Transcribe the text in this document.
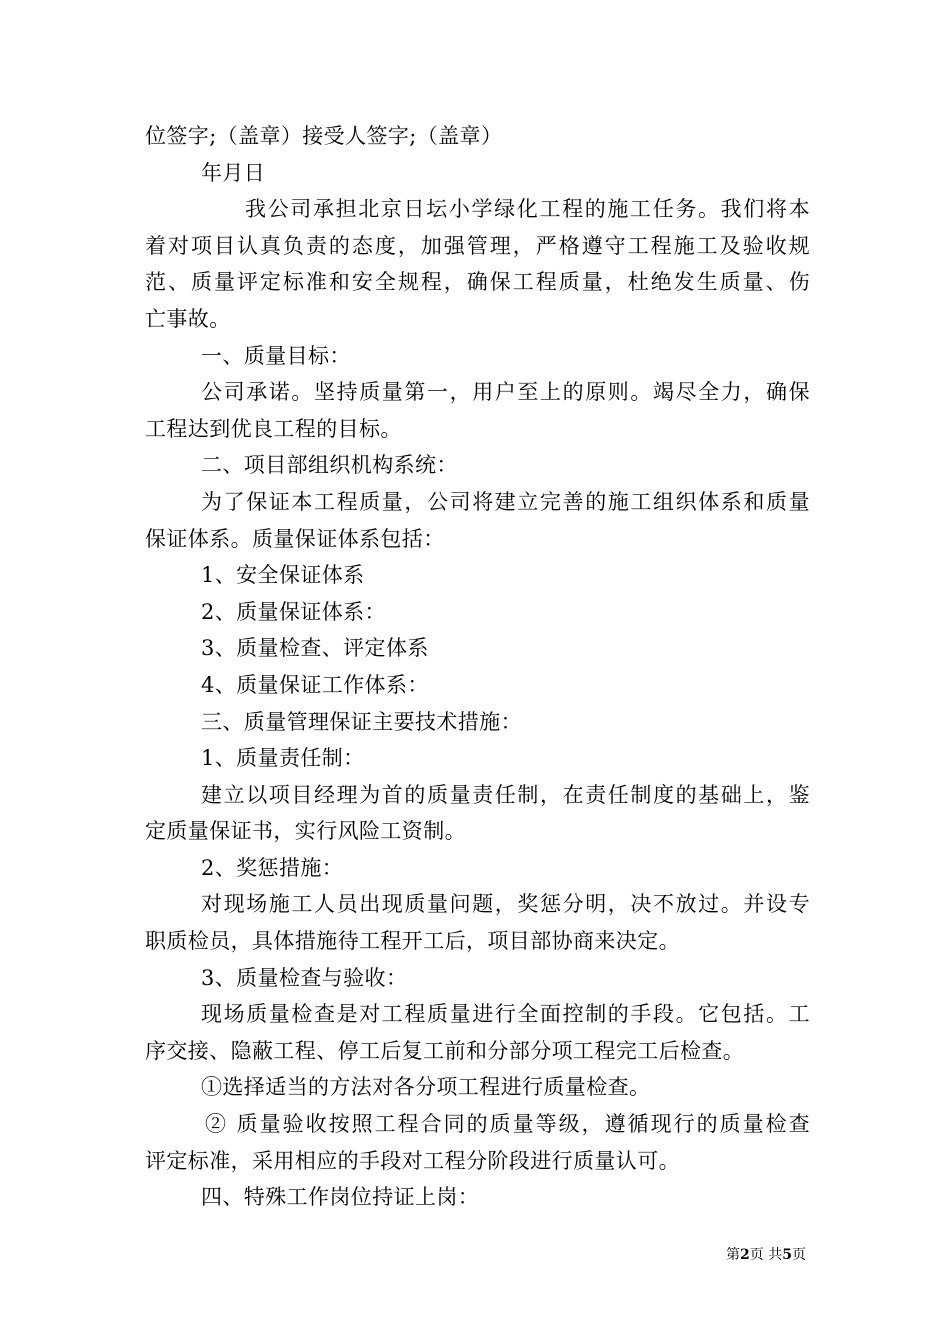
位签字;（盖章）接受人签字;（盖章）
年月日
我公司承担北京日坛小学绿化工程的施工任务。我们将本
着对项目认真负责的态度，加强管理，严格遵守工程施工及验收规
范、质量评定标准和安全规程，确保工程质量，杜绝发生质量、伤
亡事故。
一、质量目标：
公司承诺。坚持质量第一，用户至上的原则。竭尽全力，确保
工程达到优良工程的目标。
二、项目部组织机构系统：
为了保证本工程质量，公司将建立完善的施工组织体系和质量
保证体系。质量保证体系包括：
1、安全保证体系
2、质量保证体系：
3、质量检查、评定体系
4、质量保证工作体系：
三、质量管理保证主要技术措施：
1、质量责任制：
建立以项目经理为首的质量责任制，在责任制度的基础上，鉴
定质量保证书，实行风险工资制。
2、奖惩措施：
对现场施工人员出现质量问题，奖惩分明，决不放过。并设专
职质检员，具体措施待工程开工后，项目部协商来决定。
3、质量检查与验收：
现场质量检查是对工程质量进行全面控制的手段。它包括。工
序交接、隐蔽工程、停工后复工前和分部分项工程完工后检查。
①选择适当的方法对各分项工程进行质量检查。
② 质量验收按照工程合同的质量等级，遵循现行的质量检查
评定标准，采用相应的手段对工程分阶段进行质量认可。
四、特殊工作岗位持证上岗：
第2页 共5页
